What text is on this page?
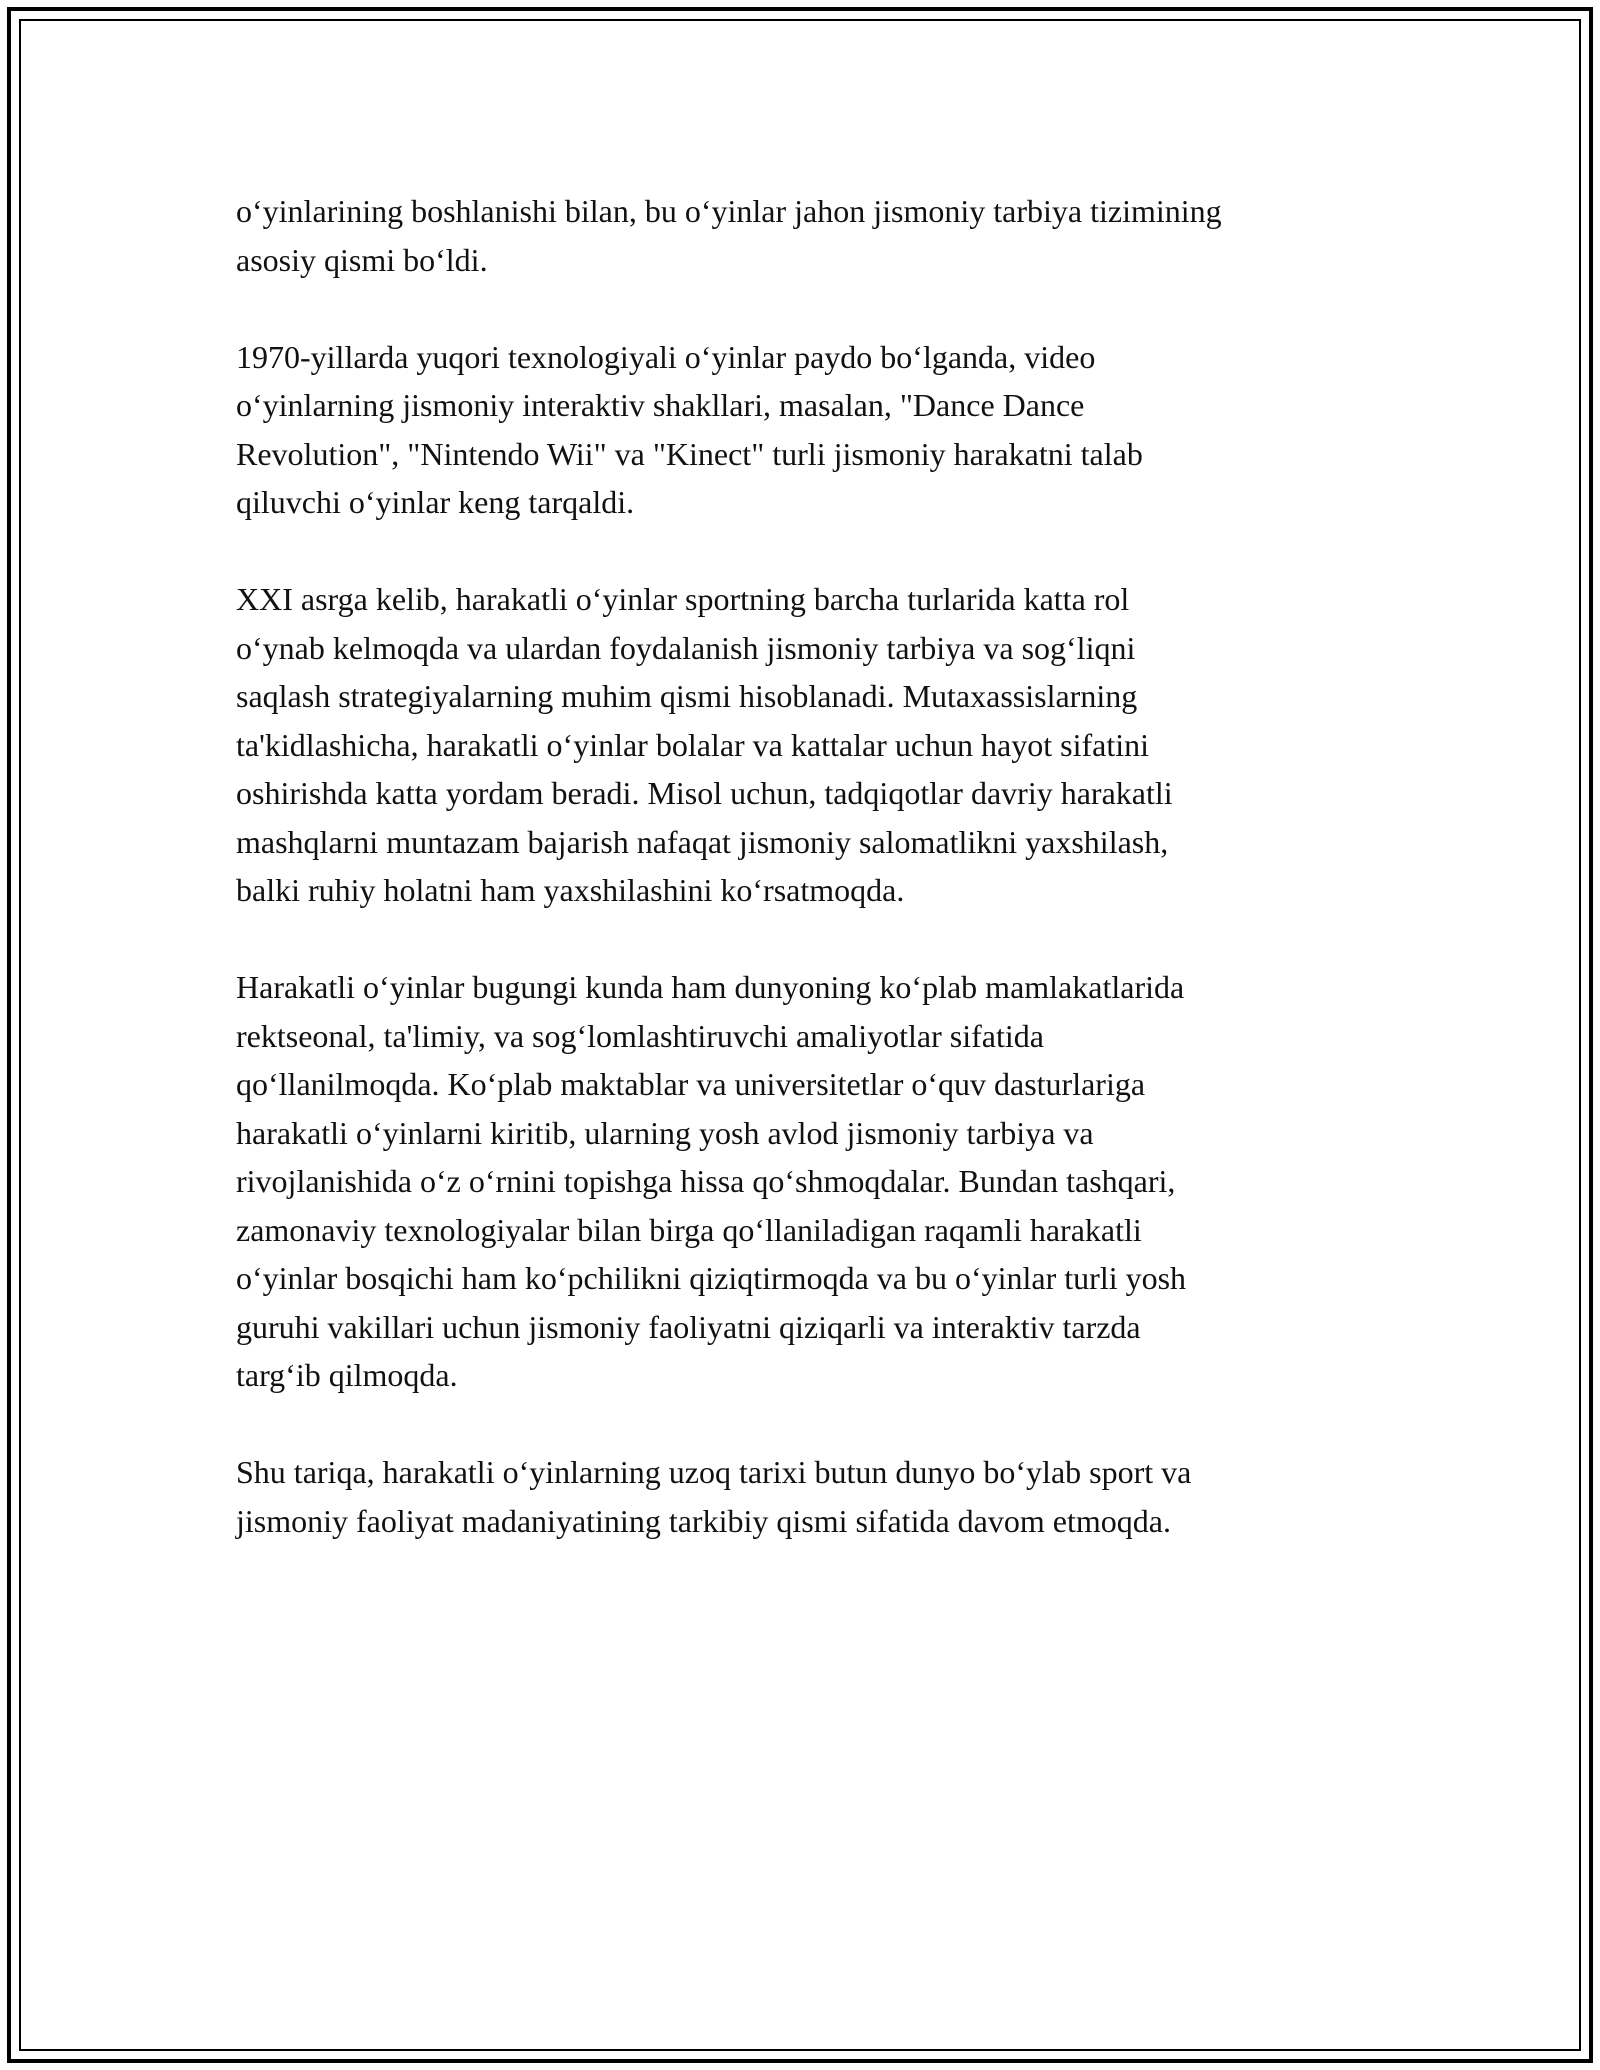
o‘yinlarining boshlanishi bilan, bu o‘yinlar jahon jismoniy tarbiya tizimining
asosiy qismi bo‘ldi.

1970-yillarda yuqori texnologiyali o‘yinlar paydo bo‘lganda, video
o‘yinlarning jismoniy interaktiv shakllari, masalan, "Dance Dance
Revolution", "Nintendo Wii" va "Kinect" turli jismoniy harakatni talab
qiluvchi o‘yinlar keng tarqaldi.

XXI asrga kelib, harakatli o‘yinlar sportning barcha turlarida katta rol
o‘ynab kelmoqda va ulardan foydalanish jismoniy tarbiya va sog‘liqni
saqlash strategiyalarning muhim qismi hisoblanadi. Mutaxassislarning
ta'kidlashicha, harakatli o‘yinlar bolalar va kattalar uchun hayot sifatini
oshirishda katta yordam beradi. Misol uchun, tadqiqotlar davriy harakatli
mashqlarni muntazam bajarish nafaqat jismoniy salomatlikni yaxshilash,
balki ruhiy holatni ham yaxshilashini ko‘rsatmoqda.

Harakatli o‘yinlar bugungi kunda ham dunyoning ko‘plab mamlakatlarida
rektseonal, ta'limiy, va sog‘lomlashtiruvchi amaliyotlar sifatida
qo‘llanilmoqda. Ko‘plab maktablar va universitetlar o‘quv dasturlariga
harakatli o‘yinlarni kiritib, ularning yosh avlod jismoniy tarbiya va
rivojlanishida o‘z o‘rnini topishga hissa qo‘shmoqdalar. Bundan tashqari,
zamonaviy texnologiyalar bilan birga qo‘llaniladigan raqamli harakatli
o‘yinlar bosqichi ham ko‘pchilikni qiziqtirmoqda va bu o‘yinlar turli yosh
guruhi vakillari uchun jismoniy faoliyatni qiziqarli va interaktiv tarzda
targ‘ib qilmoqda.

Shu tariqa, harakatli o‘yinlarning uzoq tarixi butun dunyo bo‘ylab sport va
jismoniy faoliyat madaniyatining tarkibiy qismi sifatida davom etmoqda.
